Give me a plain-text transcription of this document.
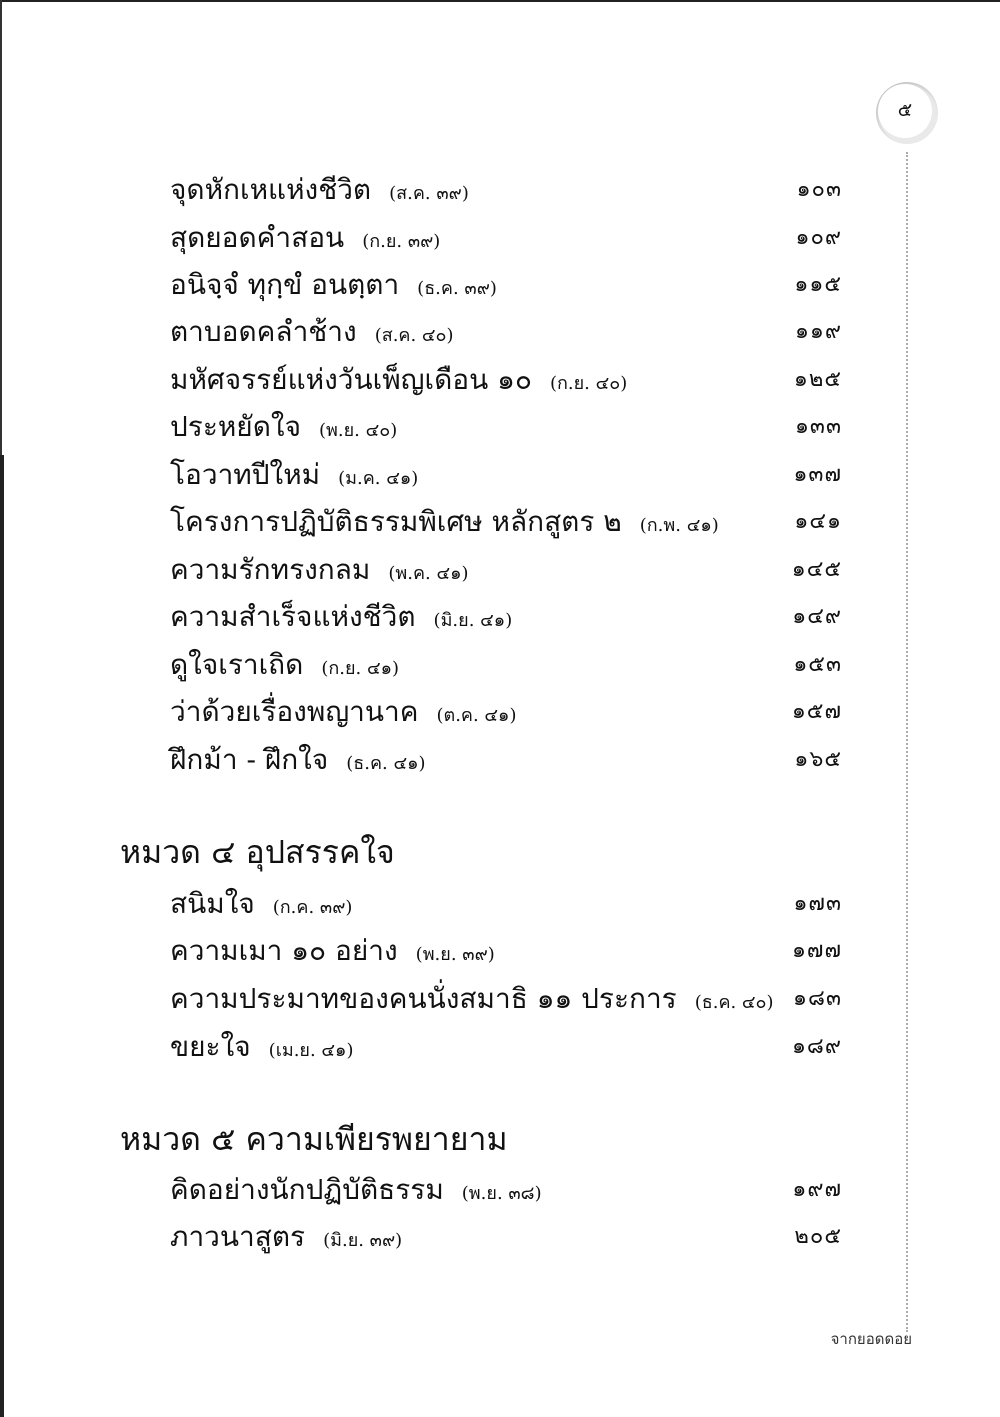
๕
จุดหักเหแห่งชีวิต (ส.ค. ๓๙)	๑๐๓
สุดยอดคำสอน (ก.ย. ๓๙)	๑๐๙
อนิจฺจํ ทุกฺขํ อนตฺตา (ธ.ค. ๓๙)	๑๑๕
ตาบอดคลำช้าง (ส.ค. ๔๐)	๑๑๙
มหัศจรรย์แห่งวันเพ็ญเดือน ๑๐ (ก.ย. ๔๐)	๑๒๕
ประหยัดใจ (พ.ย. ๔๐)	๑๓๓
โอวาทปีใหม่ (ม.ค. ๔๑)	๑๓๗
โครงการปฏิบัติธรรมพิเศษ หลักสูตร ๒ (ก.พ. ๔๑)	๑๔๑
ความรักทรงกลม (พ.ค. ๔๑)	๑๔๕
ความสำเร็จแห่งชีวิต (มิ.ย. ๔๑)	๑๔๙
ดูใจเราเถิด (ก.ย. ๔๑)	๑๕๓
ว่าด้วยเรื่องพญานาค (ต.ค. ๔๑)	๑๕๗
ฝึกม้า - ฝึกใจ (ธ.ค. ๔๑)	๑๖๕
หมวด ๔ อุปสรรคใจ
สนิมใจ (ก.ค. ๓๙)	๑๗๓
ความเมา ๑๐ อย่าง (พ.ย. ๓๙)	๑๗๗
ความประมาทของคนนั่งสมาธิ ๑๑ ประการ (ธ.ค. ๔๐) ๑๘๓
ขยะใจ (เม.ย. ๔๑)	๑๘๙
หมวด ๕ ความเพียรพยายาม
คิดอย่างนักปฏิบัติธรรม (พ.ย. ๓๘)	๑๙๗
ภาวนาสูตร (มิ.ย. ๓๙)	๒๐๕
จากยอดดอย
